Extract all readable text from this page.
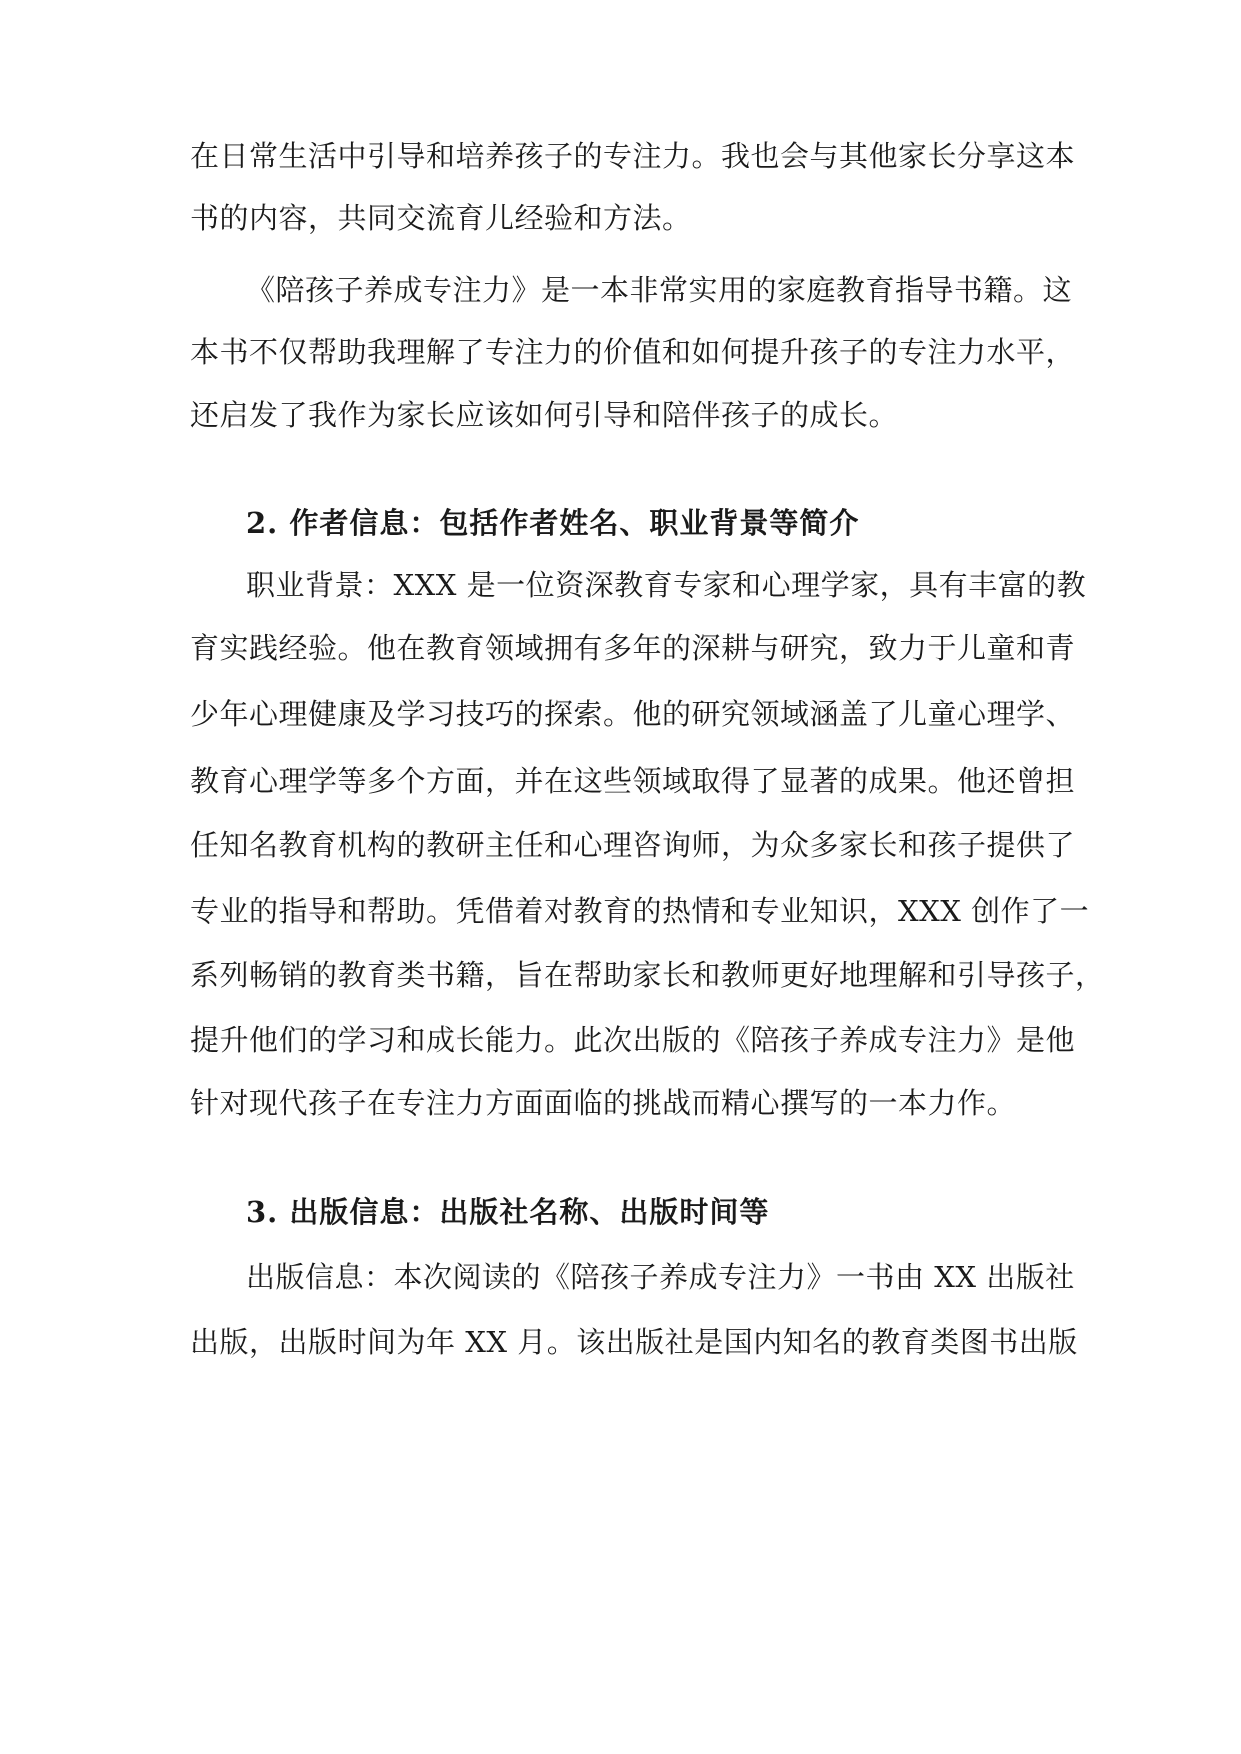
在日常生活中引导和培养孩子的专注力。我也会与其他家长分享这本
书的内容，共同交流育儿经验和方法。
《陪孩子养成专注力》是一本非常实用的家庭教育指导书籍。这
本书不仅帮助我理解了专注力的价值和如何提升孩子的专注力水平，
还启发了我作为家长应该如何引导和陪伴孩子的成长。
2. 作者信息：包括作者姓名、职业背景等简介
职业背景：XXX 是一位资深教育专家和心理学家，具有丰富的教
育实践经验。他在教育领域拥有多年的深耕与研究，致力于儿童和青
少年心理健康及学习技巧的探索。他的研究领域涵盖了儿童心理学、
教育心理学等多个方面，并在这些领域取得了显著的成果。他还曾担
任知名教育机构的教研主任和心理咨询师，为众多家长和孩子提供了
专业的指导和帮助。凭借着对教育的热情和专业知识，XXX 创作了一
系列畅销的教育类书籍，旨在帮助家长和教师更好地理解和引导孩子，
提升他们的学习和成长能力。此次出版的《陪孩子养成专注力》是他
针对现代孩子在专注力方面面临的挑战而精心撰写的一本力作。
3. 出版信息：出版社名称、出版时间等
出版信息：本次阅读的《陪孩子养成专注力》一书由 XX 出版社
出版，出版时间为年 XX 月。该出版社是国内知名的教育类图书出版
